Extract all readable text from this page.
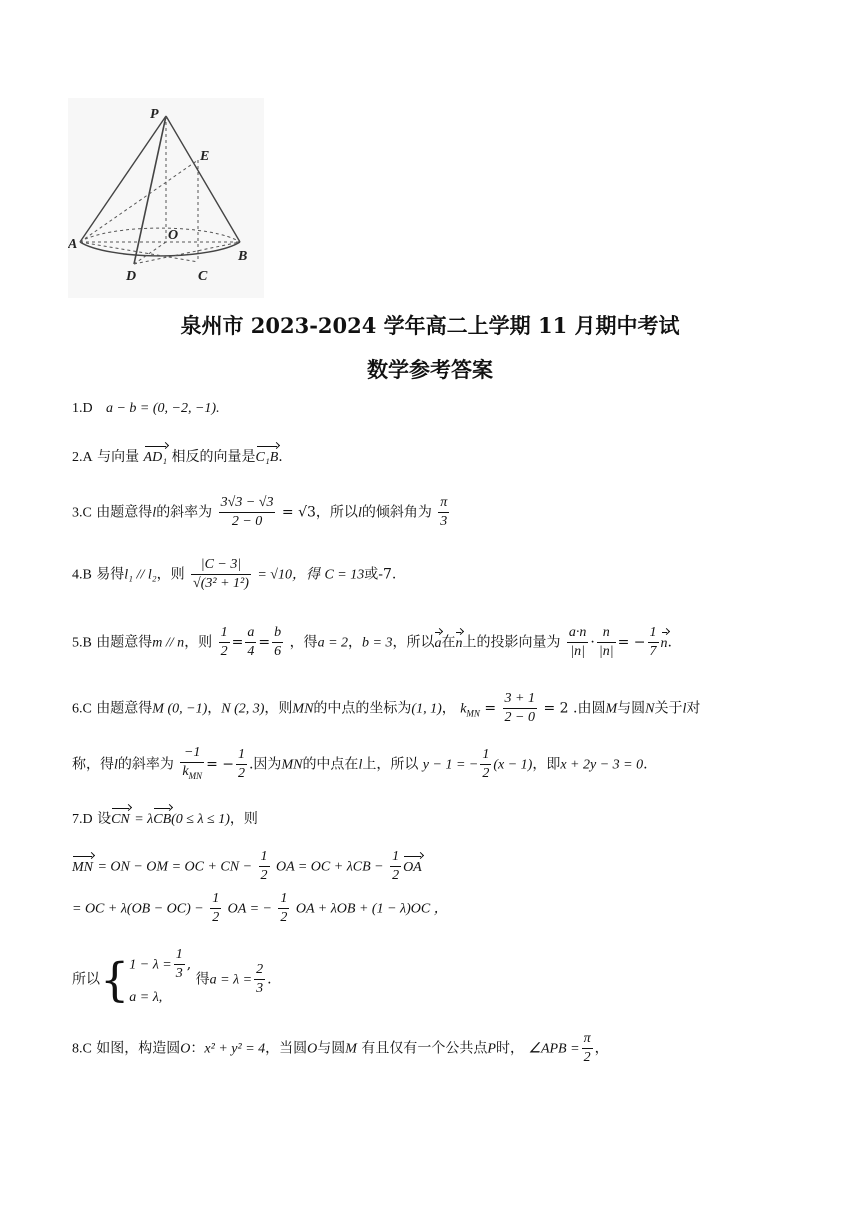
P
E
O
A
B
C
D
泉州市 2023-2024 学年高二上学期 11 月期中考试
数学参考答案
1.D a − b = (0, −2, −1).
2.A 与向量 AD₁ 相反的向量是C₁B.
3.C 由题意得l的斜率为 $\frac{3√3 - √3}{2 - 0} = √3$，所以l的倾斜角为 $\frac{\pi}{3}$
4.B 易得l₁ // l₂，则 $\frac{|C - 3|}{\text{√(3² + 1²)}} = √10$，得 C = 13或-7.
5.B 由题意得m // n，则 $\frac{1}{2} = \frac{a}{4} = \frac{b}{6}$ ，得a = 2，b = 3，所以a在n上的投影向量为 $\frac{a\cdot n}{|n|} \cdot \frac{n}{|n|}$ = − $\frac{1}{7} n$.
6.C 由题意得M (0, −1)，N (2, 3)，则MN的中点的坐标为(1, 1)， $k_{MN} = \frac{3 + 1}{2 - 0} = 2$ .由圆M与圆N关于l对
称，得l的斜率为 $\frac{-1}{k_{MN}}$ = − $\frac{1}{2}$ .因为MN的中点在l上，所以 y − 1 = − $\frac{1}{2} (x - 1)$，即x + 2y − 3 = 0.
7.D 设CN = λCB(0 ≤ λ ≤ 1)，则
MN = ON − OM = OC + CN − $\frac{1}{2}$ OA = OC + $\lambda CB - \frac{1}{2}$ OA
= OC + $\lambda(OB - OC) - \frac{1}{2}$ OA = − $\frac{1}{2}$ OA + λOB + (1 − λ)OC ，
所以{ $1 - \lambda = \frac{1}{3}$ ,
a = λ,
得$a = \lambda = \frac{2}{3}$ .
8.C 如图，构造圆O：x² + y² = 4，当圆O与圆M 有且仅有一个公共点P时， ∠APB = $\frac{\pi}{2}$ ，
